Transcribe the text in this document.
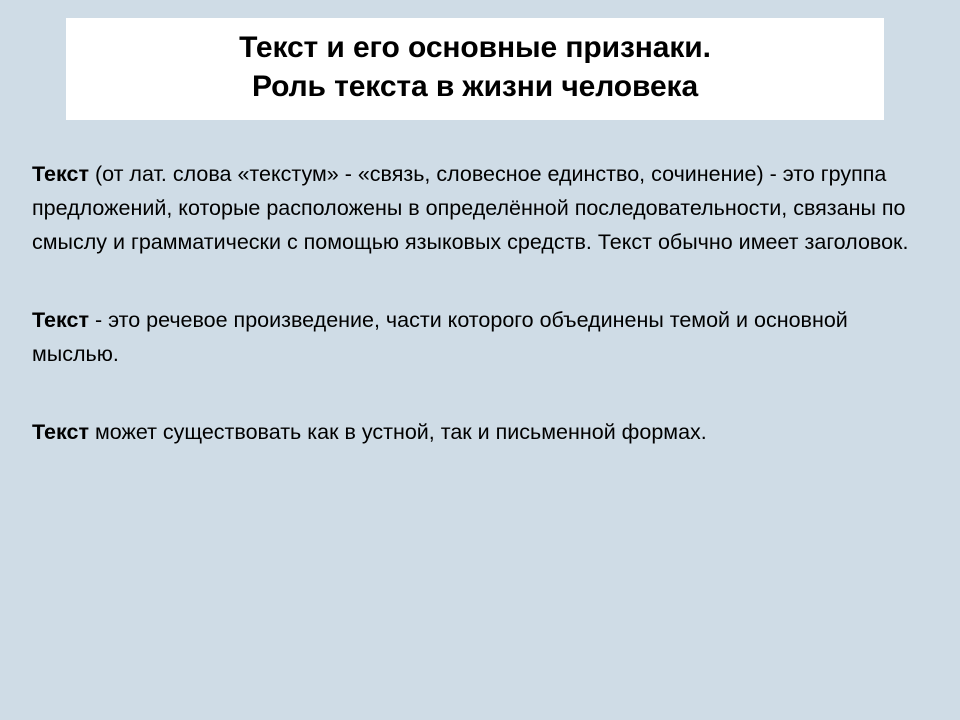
Текст и его основные признаки.
Роль текста в жизни человека

Текст (от лат. слова «текстум» - «связь, словесное единство, сочинение) - это группа предложений, которые расположены в определённой последовательности, связаны по смыслу и грамматически с помощью языковых средств. Текст обычно имеет заголовок.

Текст - это речевое произведение, части которого объединены темой и основной мыслью.

Текст может существовать как в устной, так и письменной формах.
